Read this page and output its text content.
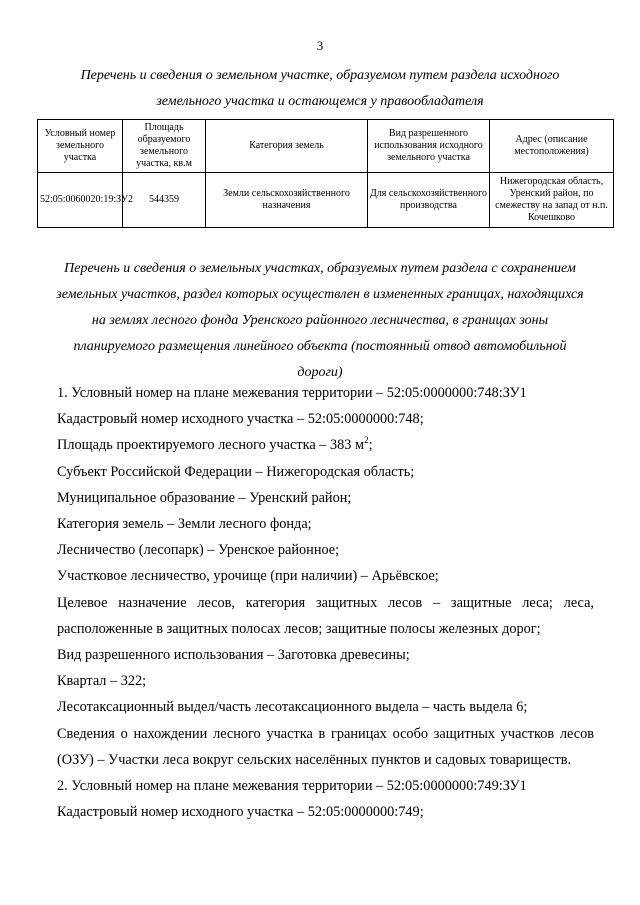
3

Перечень и сведения о земельном участке, образуемом путем раздела исходного земельного участка и остающемся у правообладателя

Условный номер земельного участка	Площадь образуемого земельного участка, кв.м	Категория земель	Вид разрешенного использования исходного земельного участка	Адрес (описание местоположения)
52:05:0060020:19:ЗУ2	544359	Земли сельскохозяйственного назначения	Для сельскохозяйственного производства	Нижегородская область, Уренский район, по смежеству на запад от н.п. Кочешково

Перечень и сведения о земельных участках, образуемых путем раздела с сохранением земельных участков, раздел которых осуществлен в измененных границах, находящихся на землях лесного фонда Уренского районного лесничества, в границах зоны планируемого размещения линейного объекта (постоянный отвод автомобильной дороги)

1. Условный номер на плане межевания территории – 52:05:0000000:748:ЗУ1

Кадастровый номер исходного участка – 52:05:0000000:748;

Площадь проектируемого лесного участка – 383 $м^2$;

Субъект Российской Федерации – Нижегородская область;

Муниципальное образование – Уренский район;

Категория земель – Земли лесного фонда;

Лесничество (лесопарк) – Уренское районное;

Участковое лесничество, урочище (при наличии) – Арьёвское;

Целевое назначение лесов, категория защитных лесов – защитные леса; леса, расположенные в защитных полосах лесов; защитные полосы железных дорог;

Вид разрешенного использования – Заготовка древесины;

Квартал – 322;

Лесотаксационный выдел/часть лесотаксационного выдела – часть выдела 6;

Сведения о нахождении лесного участка в границах особо защитных участков лесов (ОЗУ) – Участки леса вокруг сельских населённых пунктов и садовых товариществ.

2. Условный номер на плане межевания территории – 52:05:0000000:749:ЗУ1

Кадастровый номер исходного участка – 52:05:0000000:749;
